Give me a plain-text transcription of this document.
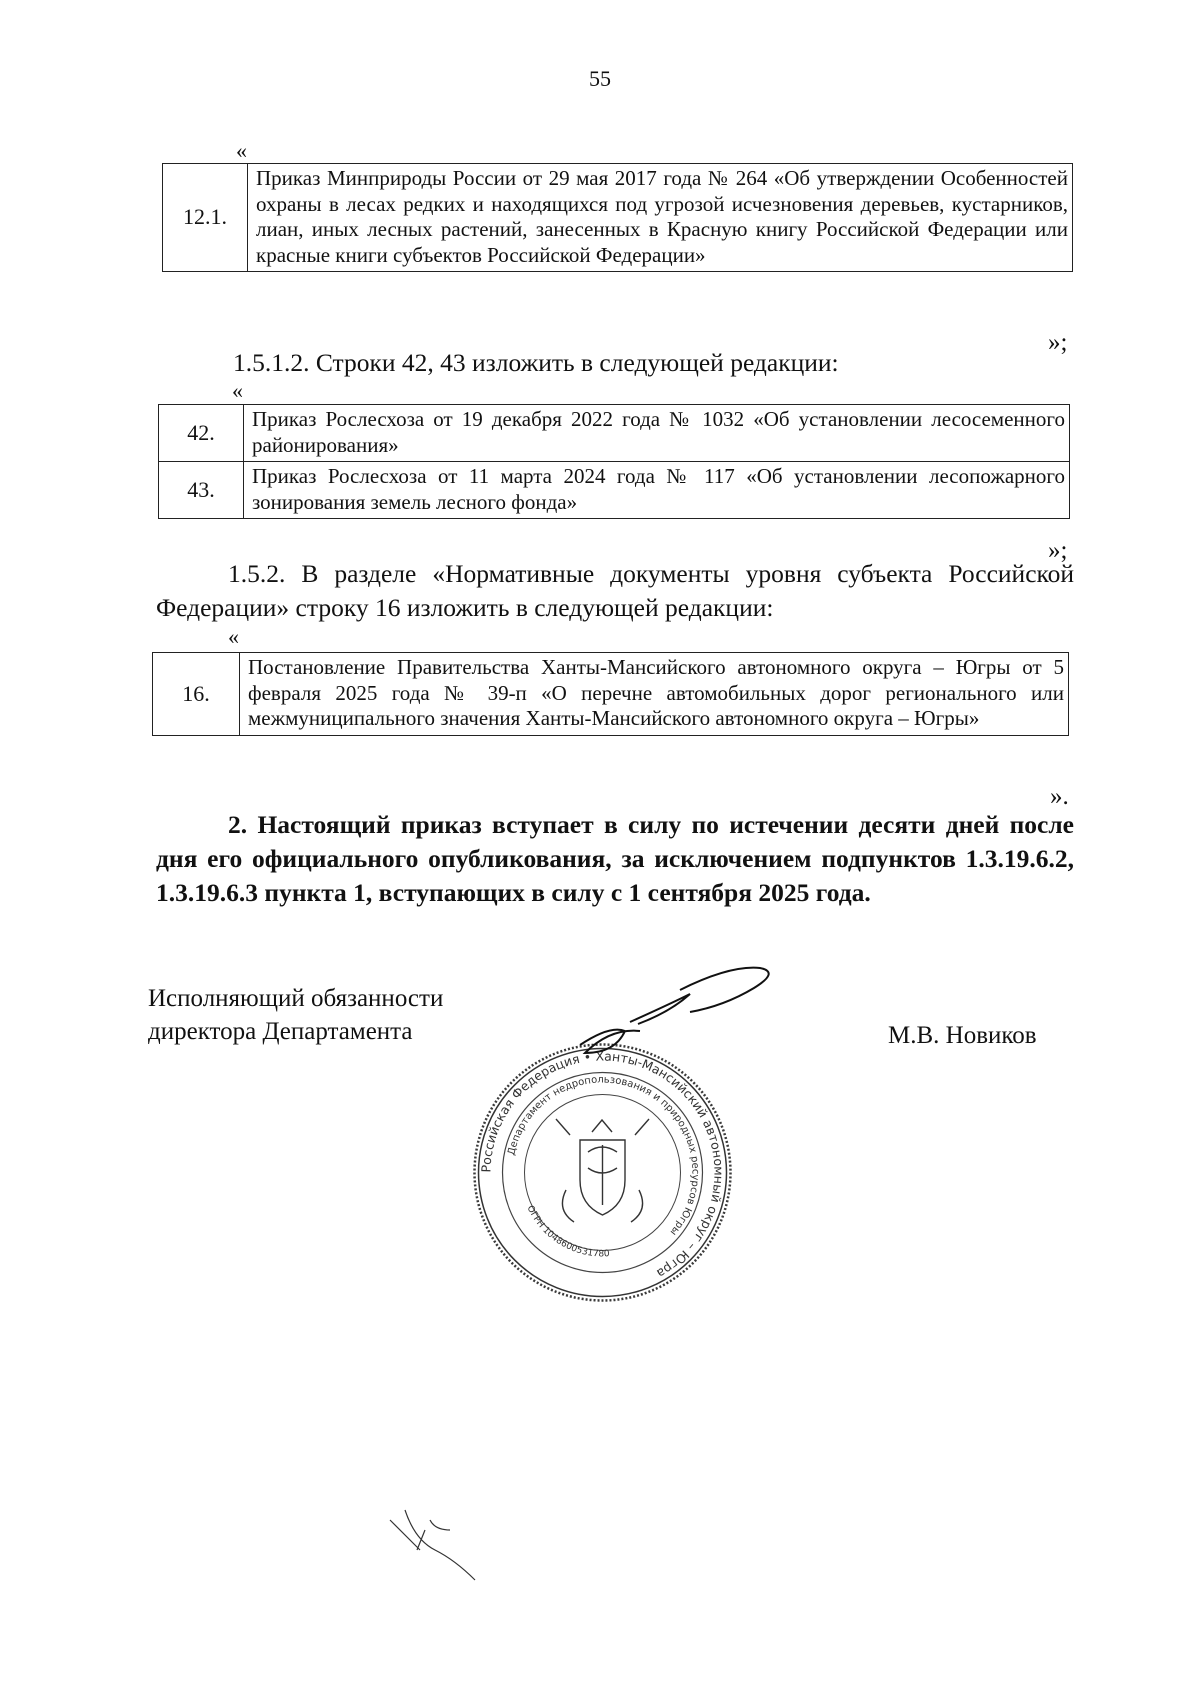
55
«
12.1.	Приказ Минприроды России от 29 мая 2017 года № 264 «Об утверждении Особенностей охраны в лесах редких и находящихся под угрозой исчезновения деревьев, кустарников, лиан, иных лесных растений, занесенных в Красную книгу Российской Федерации или красные книги субъектов Российской Федерации»
»;
1.5.1.2. Строки 42, 43 изложить в следующей редакции:
«
42.	Приказ Рослесхоза от 19 декабря 2022 года № 1032 «Об установлении лесосеменного районирования»
43.	Приказ Рослесхоза от 11 марта 2024 года № 117 «Об установлении лесопожарного зонирования земель лесного фонда»
»;
1.5.2. В разделе «Нормативные документы уровня субъекта Российской Федерации» строку 16 изложить в следующей редакции:
«
16.	Постановление Правительства Ханты-Мансийского автономного округа – Югры от 5 февраля 2025 года № 39-п «О перечне автомобильных дорог регионального или межмуниципального значения Ханты-Мансийского автономного округа – Югры»
».
2. Настоящий приказ вступает в силу по истечении десяти дней после дня его официального опубликования, за исключением подпунктов 1.3.19.6.2, 1.3.19.6.3 пункта 1, вступающих в силу с 1 сентября 2025 года.
Исполняющий обязанности
директора Департамента	М.В. Новиков
Российская Федерация • Ханты-Мансийский автономный округ – Югра
Департамент недропользования и природных ресурсов Югры
ОГРН 1048600531780
